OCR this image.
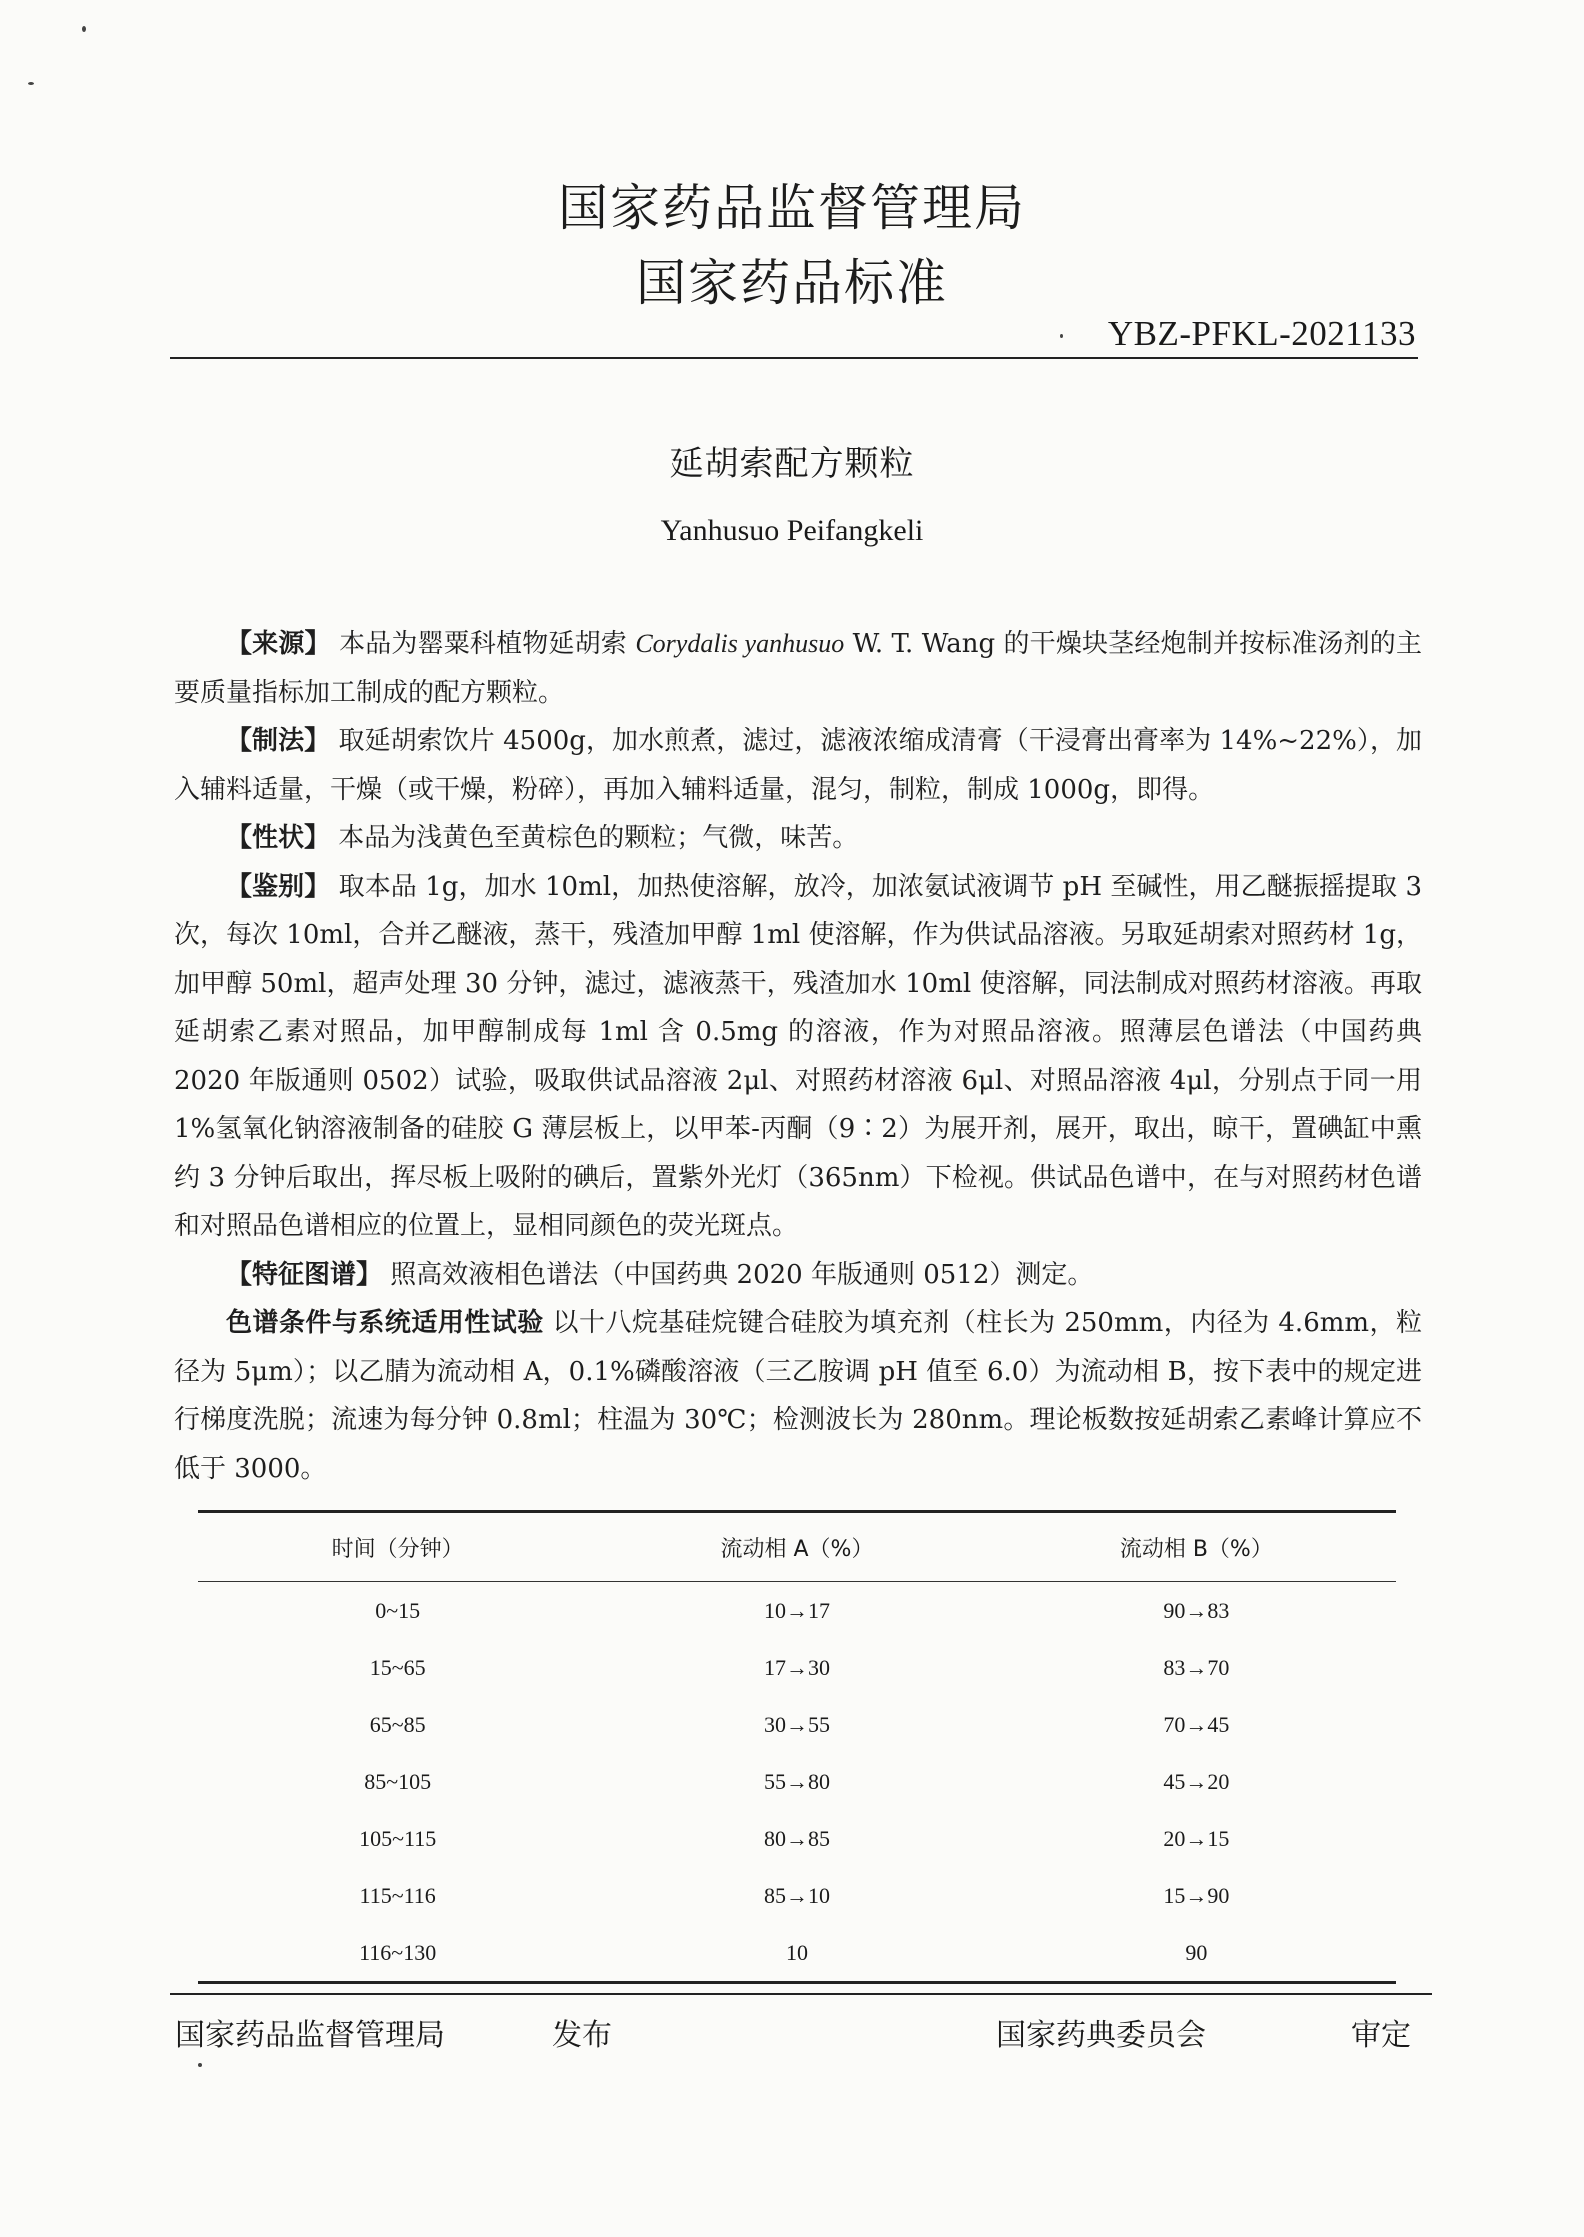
国家药品监督管理局
国家药品标准
YBZ-PFKL-2021133
延胡索配方颗粒
Yanhusuo Peifangkeli

【来源】 本品为罂粟科植物延胡索 Corydalis yanhusuo W. T. Wang 的干燥块茎经炮制并按标准汤剂的主要质量指标加工制成的配方颗粒。

【制法】 取延胡索饮片 4500g，加水煎煮，滤过，滤液浓缩成清膏（干浸膏出膏率为 14%~22%），加入辅料适量，干燥（或干燥，粉碎），再加入辅料适量，混匀，制粒，制成 1000g，即得。

【性状】 本品为浅黄色至黄棕色的颗粒；气微，味苦。

【鉴别】 取本品 1g，加水 10ml，加热使溶解，放冷，加浓氨试液调节 pH 至碱性，用乙醚振摇提取 3 次，每次 10ml，合并乙醚液，蒸干，残渣加甲醇 1ml 使溶解，作为供试品溶液。另取延胡索对照药材 1g，加甲醇 50ml，超声处理 30 分钟，滤过，滤液蒸干，残渣加水 10ml 使溶解，同法制成对照药材溶液。再取延胡索乙素对照品，加甲醇制成每 1ml 含 0.5mg 的溶液，作为对照品溶液。照薄层色谱法（中国药典 2020 年版通则 0502）试验，吸取供试品溶液 2μl、对照药材溶液 6μl、对照品溶液 4μl，分别点于同一用 1%氢氧化钠溶液制备的硅胶 G 薄层板上，以甲苯-丙酮（9∶2）为展开剂，展开，取出，晾干，置碘缸中熏约 3 分钟后取出，挥尽板上吸附的碘后，置紫外光灯（365nm）下检视。供试品色谱中，在与对照药材色谱和对照品色谱相应的位置上，显相同颜色的荧光斑点。

【特征图谱】 照高效液相色谱法（中国药典 2020 年版通则 0512）测定。

色谱条件与系统适用性试验 以十八烷基硅烷键合硅胶为填充剂（柱长为 250mm，内径为 4.6mm，粒径为 5μm）；以乙腈为流动相 A，0.1%磷酸溶液（三乙胺调 pH 值至 6.0）为流动相 B，按下表中的规定进行梯度洗脱；流速为每分钟 0.8ml；柱温为 30℃；检测波长为 280nm。理论板数按延胡索乙素峰计算应不低于 3000。

时间（分钟）	流动相 A（%）	流动相 B（%）
0~15	10→17	90→83
15~65	17→30	83→70
65~85	30→55	70→45
85~105	55→80	45→20
105~115	80→85	20→15
115~116	85→10	15→90
116~130	10	90
国家药品监督管理局	发布	国家药典委员会	审定
